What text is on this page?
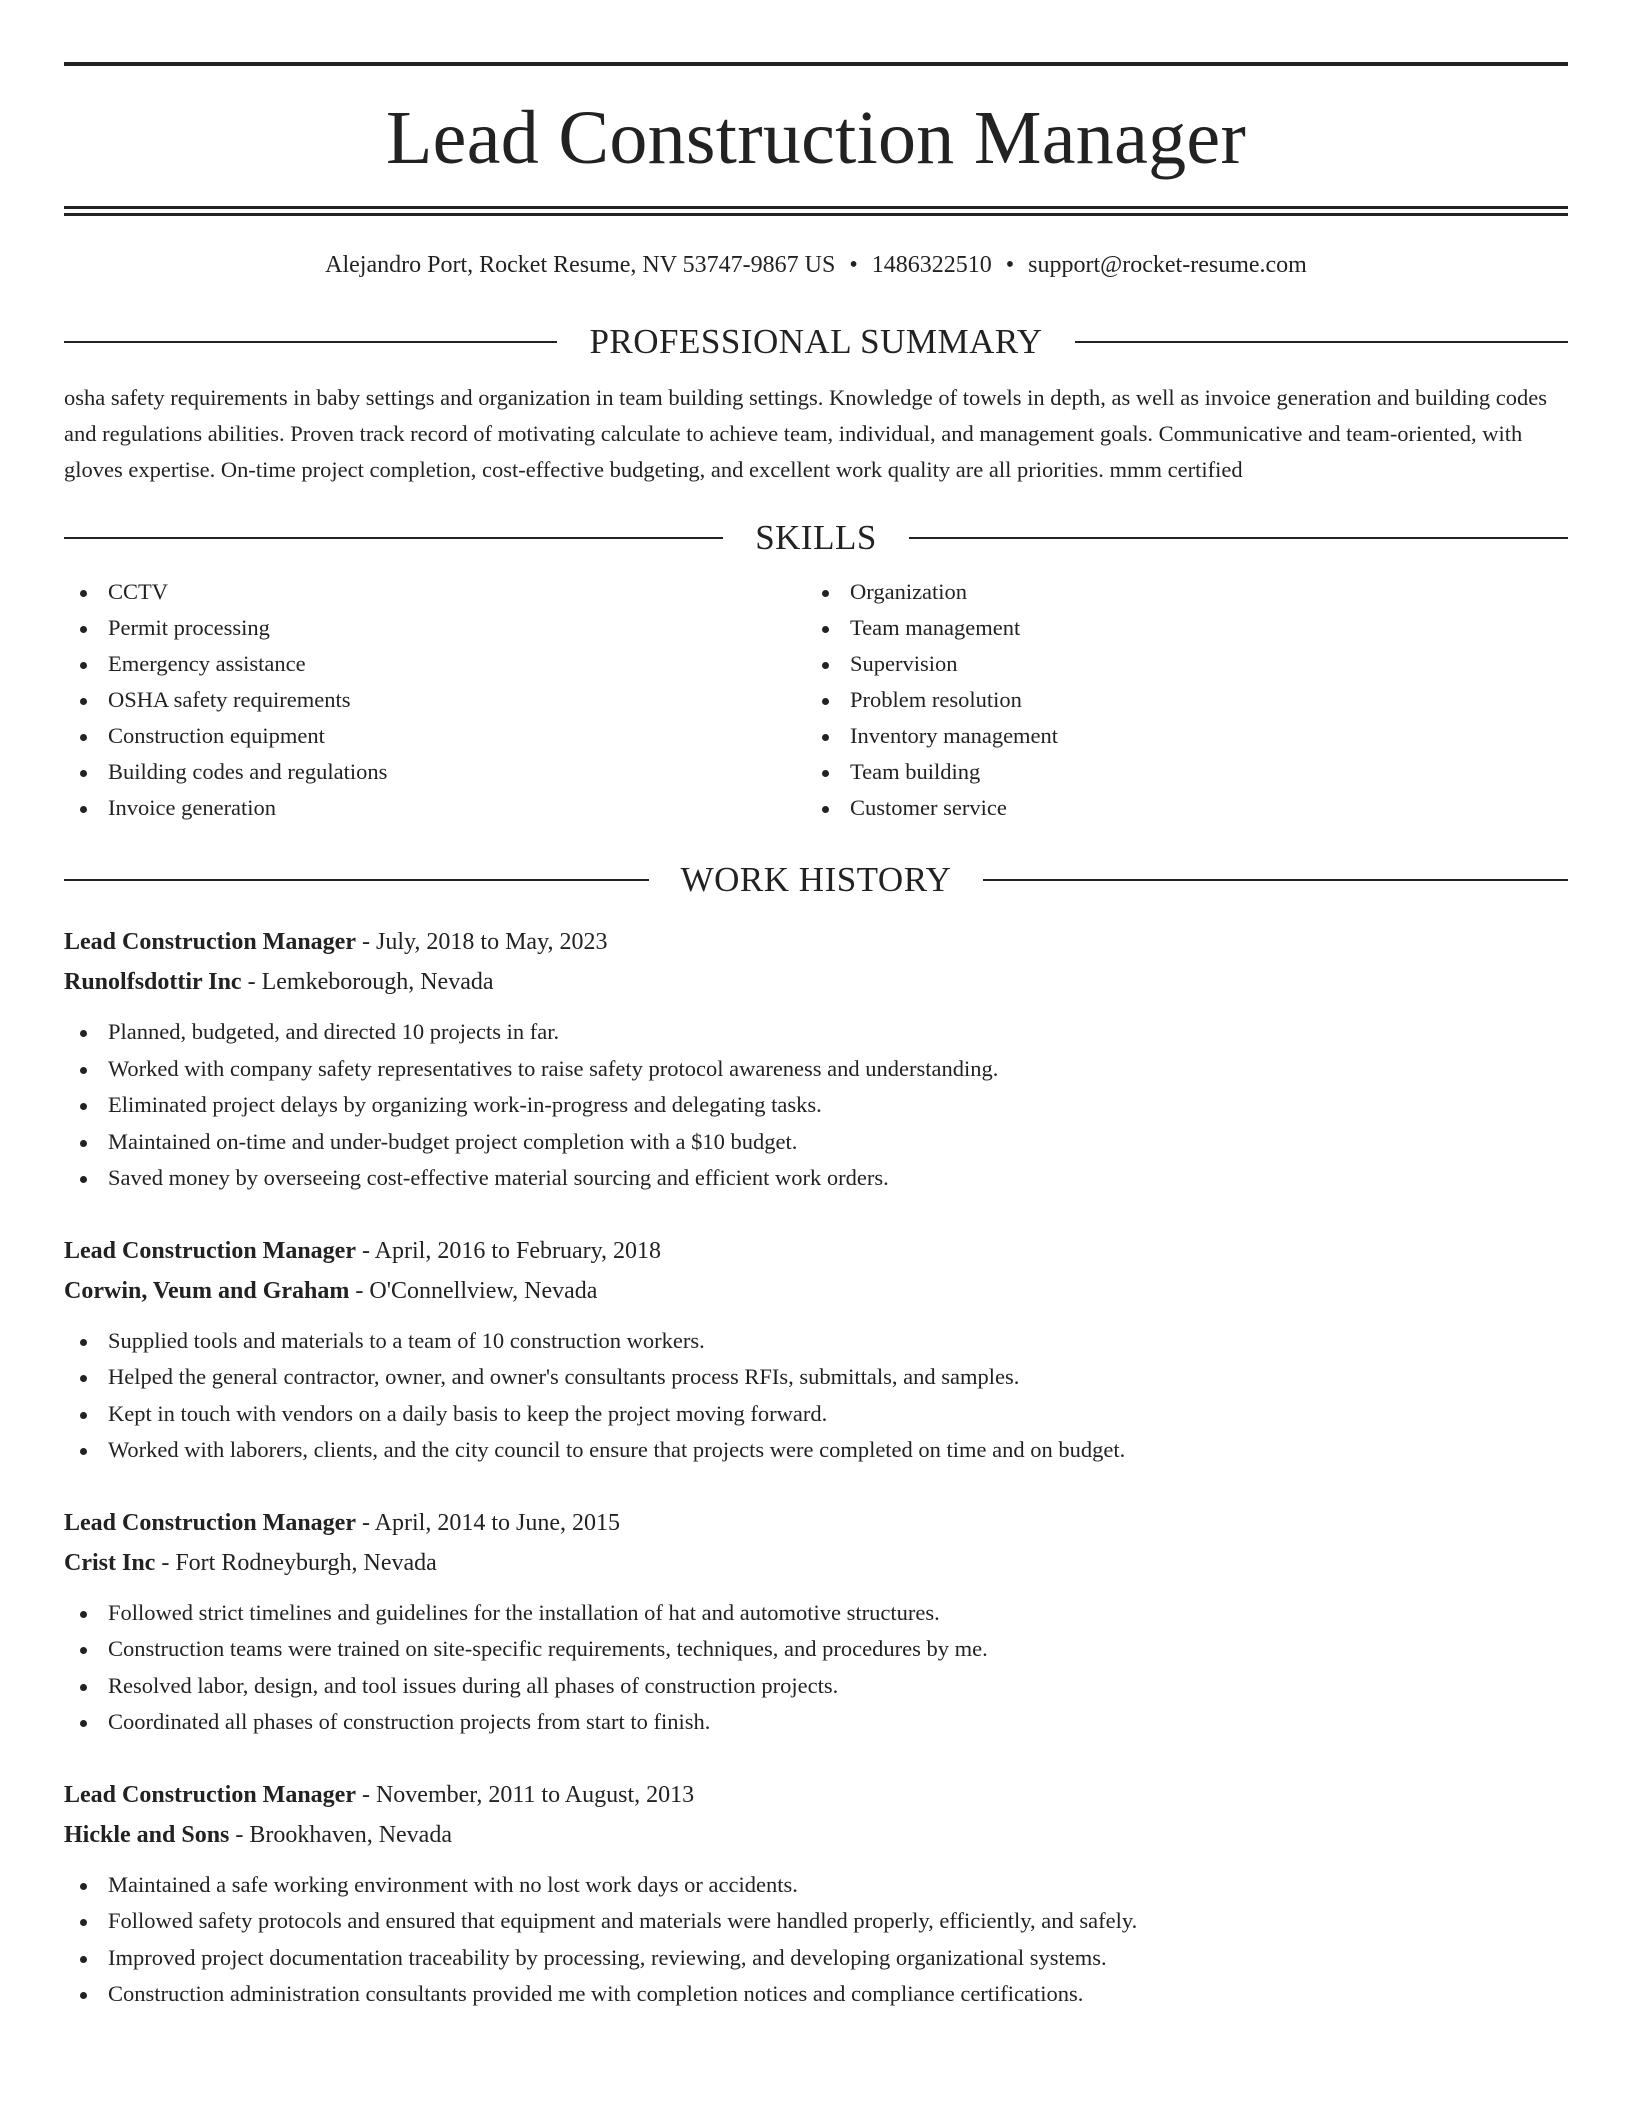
Lead Construction Manager
Alejandro Port, Rocket Resume, NV 53747-9867 US • 1486322510 • support@rocket-resume.com
PROFESSIONAL SUMMARY

osha safety requirements in baby settings and organization in team building settings. Knowledge of towels in depth, as well as invoice generation and building codes and regulations abilities. Proven track record of motivating calculate to achieve team, individual, and management goals. Communicative and team-oriented, with gloves expertise. On-time project completion, cost-effective budgeting, and excellent work quality are all priorities. mmm certified

SKILLS
CCTV
Permit processing
Emergency assistance
OSHA safety requirements
Construction equipment
Building codes and regulations
Invoice generation
Organization
Team management
Supervision
Problem resolution
Inventory management
Team building
Customer service
WORK HISTORY
Lead Construction Manager - July, 2018 to May, 2023
Runolfsdottir Inc - Lemkeborough, Nevada
Planned, budgeted, and directed 10 projects in far.
Worked with company safety representatives to raise safety protocol awareness and understanding.
Eliminated project delays by organizing work-in-progress and delegating tasks.
Maintained on-time and under-budget project completion with a $10 budget.
Saved money by overseeing cost-effective material sourcing and efficient work orders.
Lead Construction Manager - April, 2016 to February, 2018
Corwin, Veum and Graham - O'Connellview, Nevada
Supplied tools and materials to a team of 10 construction workers.
Helped the general contractor, owner, and owner's consultants process RFIs, submittals, and samples.
Kept in touch with vendors on a daily basis to keep the project moving forward.
Worked with laborers, clients, and the city council to ensure that projects were completed on time and on budget.
Lead Construction Manager - April, 2014 to June, 2015
Crist Inc - Fort Rodneyburgh, Nevada
Followed strict timelines and guidelines for the installation of hat and automotive structures.
Construction teams were trained on site-specific requirements, techniques, and procedures by me.
Resolved labor, design, and tool issues during all phases of construction projects.
Coordinated all phases of construction projects from start to finish.
Lead Construction Manager - November, 2011 to August, 2013
Hickle and Sons - Brookhaven, Nevada
Maintained a safe working environment with no lost work days or accidents.
Followed safety protocols and ensured that equipment and materials were handled properly, efficiently, and safely.
Improved project documentation traceability by processing, reviewing, and developing organizational systems.
Construction administration consultants provided me with completion notices and compliance certifications.
